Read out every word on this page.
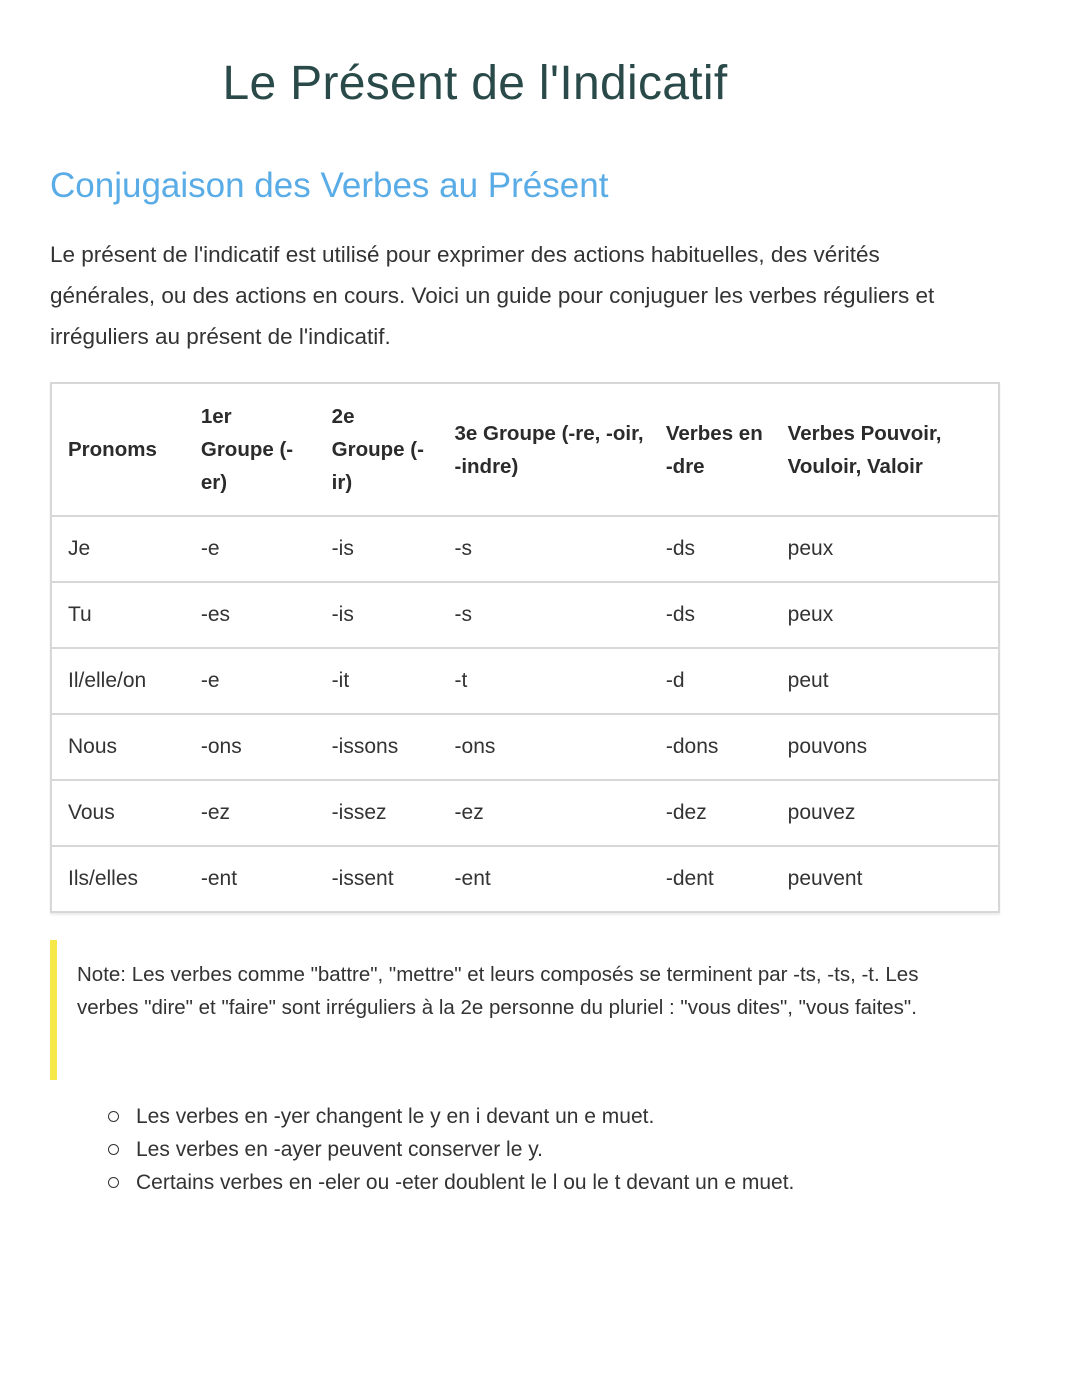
Le Présent de l'Indicatif
Conjugaison des Verbes au Présent

Le présent de l'indicatif est utilisé pour exprimer des actions habituelles, des vérités générales, ou des actions en cours. Voici un guide pour conjuguer les verbes réguliers et irréguliers au présent de l'indicatif.

Pronoms	1er Groupe (-er)	2e Groupe (-ir)	3e Groupe (-re, -oir, -indre)	Verbes en -dre	Verbes Pouvoir, Vouloir, Valoir
Je	-e	-is	-s	-ds	peux
Tu	-es	-is	-s	-ds	peux
Il/elle/on	-e	-it	-t	-d	peut
Nous	-ons	-issons	-ons	-dons	pouvons
Vous	-ez	-issez	-ez	-dez	pouvez
Ils/elles	-ent	-issent	-ent	-dent	peuvent
Note: Les verbes comme "battre", "mettre" et leurs composés se terminent par -ts, -ts, -t. Les verbes "dire" et "faire" sont irréguliers à la 2e personne du pluriel : "vous dites", "vous faites".
Les verbes en -yer changent le y en i devant un e muet.
Les verbes en -ayer peuvent conserver le y.
Certains verbes en -eler ou -eter doublent le l ou le t devant un e muet.
